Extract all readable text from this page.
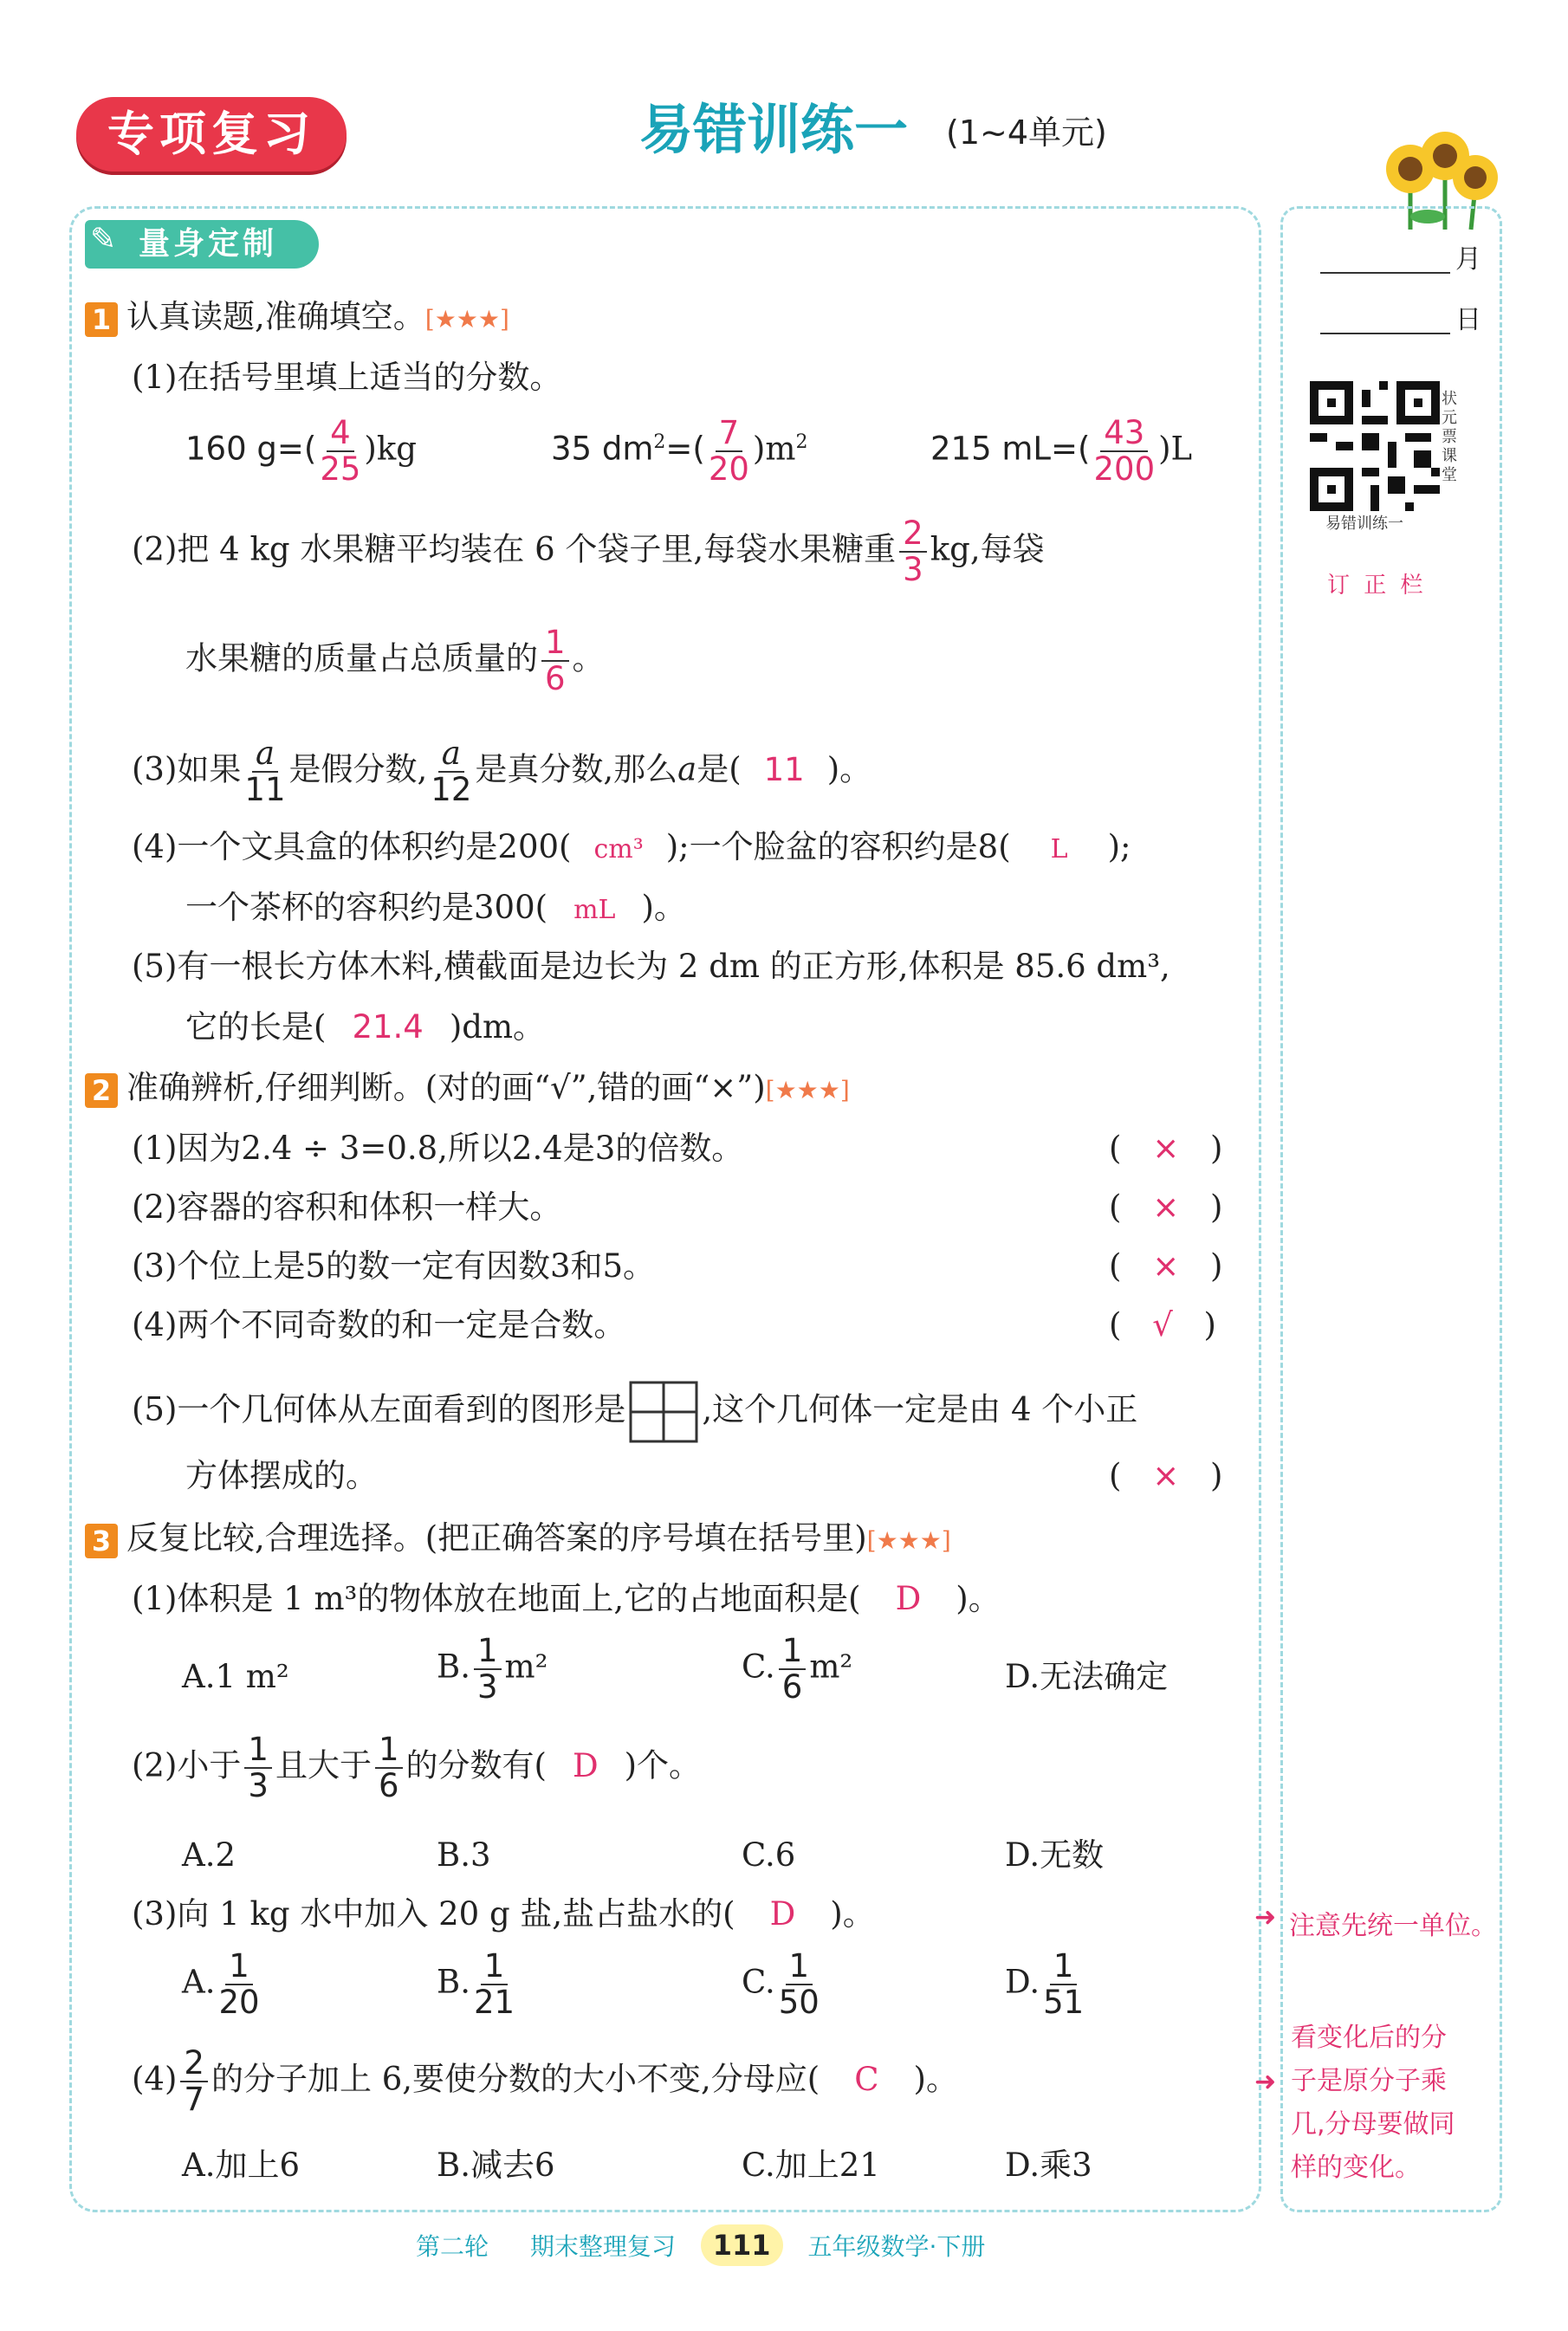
专项复习	易错训练一 (1~4单元)
月
日
状元票课堂
易错训练一
订 正 栏
➜ 注意先统一单位。
➜
看变化后的分
子是原分子乘
几,分母要做同
样的变化。
✎ 量身定制
1 认真读题,准确填空。[★★★]
(1)在括号里填上适当的分数。
160 $g=( \frac{4}{25} )kg$	35 $dm^2=( \frac{7}{20} )m^2$	215 $mL=( \frac{43}{200} )L$
(2)把 4 kg 水果糖平均装在 6 个袋子里,每袋水果糖重 $\frac{2}{3}$ kg,每袋
水果糖的质量占总质量的 $\frac{1}{6}$ 。
(3)如果 $\frac{a}{11}$ 是假分数, $\frac{a}{12}$ 是真分数,那么a是( 11 )。
(4)一个文具盒的体积约是200( cm³ );一个脸盆的容积约是8( L );
一个茶杯的容积约是300( mL )。
(5)有一根长方体木料,横截面是边长为 2 dm 的正方形,体积是 85.6 dm³,
它的长是( 21.4 )dm。
2 准确辨析,仔细判断。(对的画“√”,错的画“×”)[★★★]
(1)因为2.4 ÷ 3=0.8,所以2.4是3的倍数。	( × )
(2)容器的容积和体积一样大。	( × )
(3)个位上是5的数一定有因数3和5。	( × )
(4)两个不同奇数的和一定是合数。	( √ )
(5)一个几何体从左面看到的图形是 ,这个几何体一定是由 4 个小正
方体摆成的。	( × )
3 反复比较,合理选择。(把正确答案的序号填在括号里)[★★★]
(1)体积是 1 m³的物体放在地面上,它的占地面积是( D )。
A.1 m²	B. $\frac{1}{3} m^2$	C. $\frac{1}{6} m^2$	D.无法确定
(2)小于 $\frac{1}{3}$ 且大于 $\frac{1}{6}$ 的分数有( D )个。
A.2	B.3	C.6	D.无数
(3)向 1 kg 水中加入 20 g 盐,盐占盐水的( D )。
A. $\frac{1}{20}$	B. $\frac{1}{21}$	C. $\frac{1}{50}$	D. $\frac{1}{51}$
$(4) \frac{2}{7}$ 的分子加上 6,要使分数的大小不变,分母应( C )。
A.加上6	B.减去6	C.加上21	D.乘3
第二轮 期末整理复习 111 五年级数学·下册
